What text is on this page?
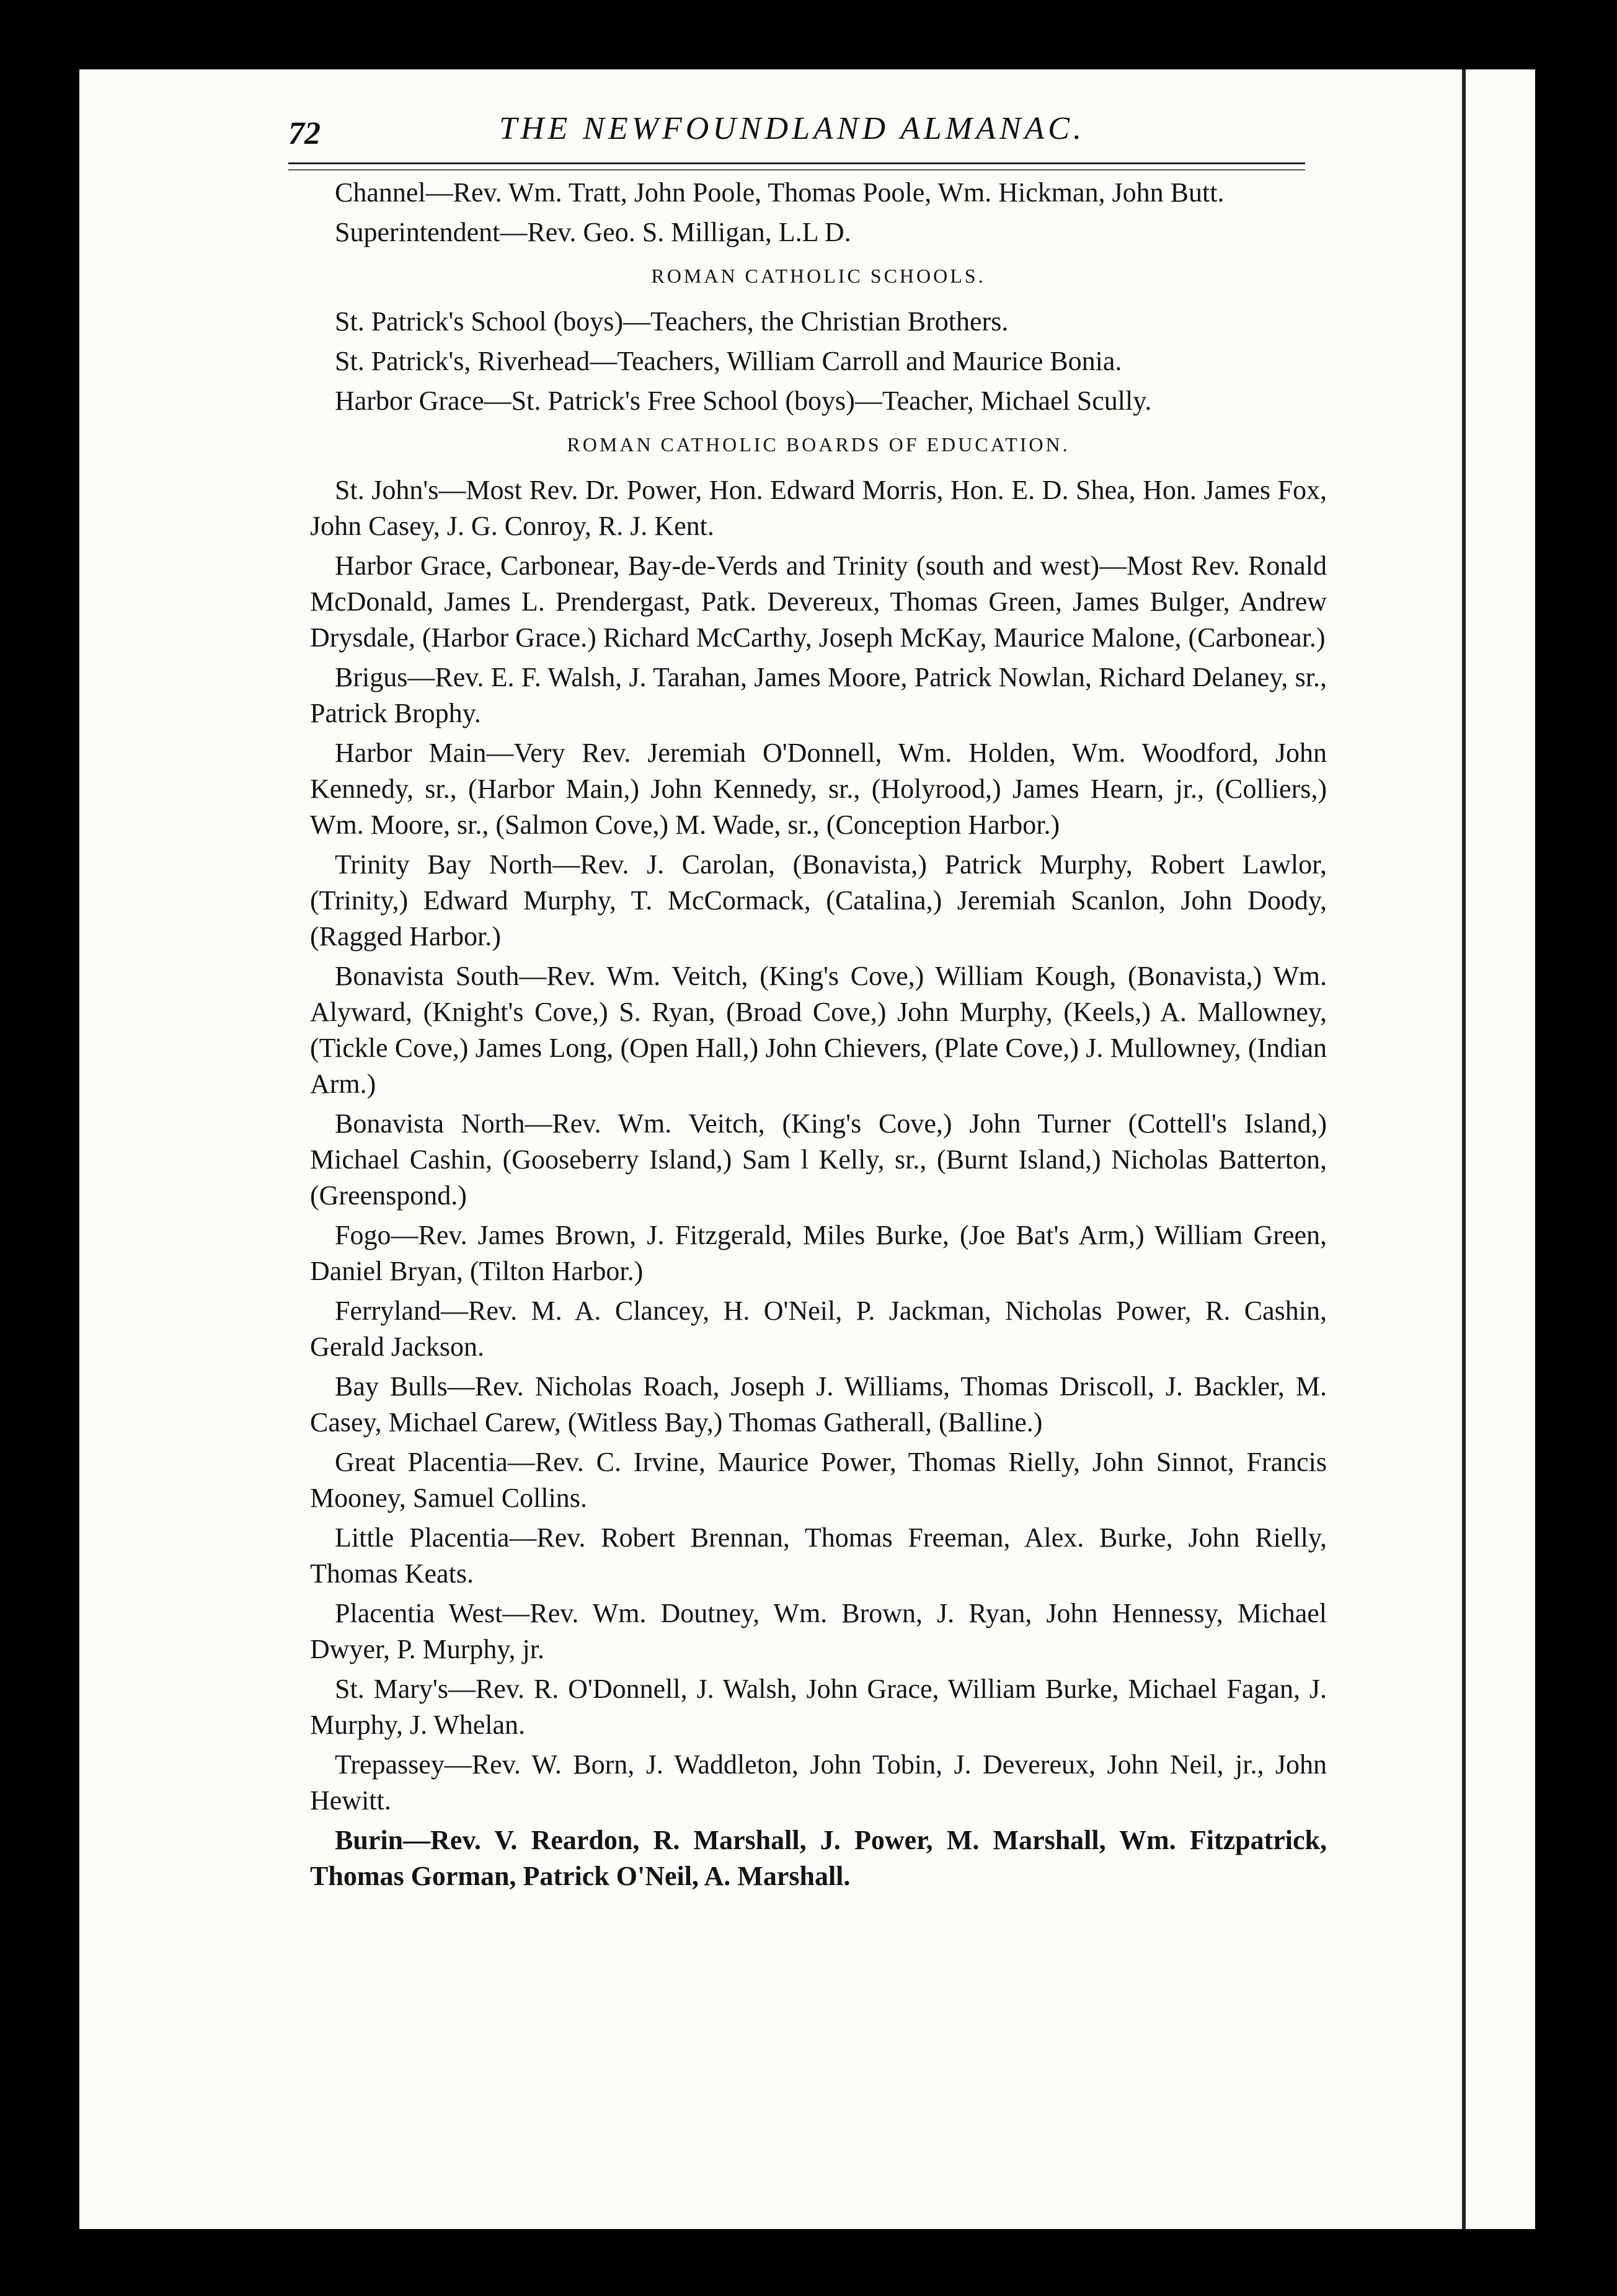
72	THE NEWFOUNDLAND ALMANAC.

Channel—Rev. Wm. Tratt, John Poole, Thomas Poole, Wm. Hickman, John Butt.

Superintendent—Rev. Geo. S. Milligan, L.L D.

ROMAN CATHOLIC SCHOOLS.

St. Patrick's School (boys)—Teachers, the Christian Brothers.

St. Patrick's, Riverhead—Teachers, William Carroll and Maurice Bonia.

Harbor Grace—St. Patrick's Free School (boys)—Teacher, Michael Scully.

ROMAN CATHOLIC BOARDS OF EDUCATION.

St. John's—Most Rev. Dr. Power, Hon. Edward Morris, Hon. E. D. Shea, Hon. James Fox, John Casey, J. G. Conroy, R. J. Kent.

Harbor Grace, Carbonear, Bay-de-Verds and Trinity (south and west)—Most Rev. Ronald McDonald, James L. Prendergast, Patk. Devereux, Thomas Green, James Bulger, Andrew Drysdale, (Harbor Grace.) Richard McCarthy, Joseph McKay, Maurice Malone, (Carbonear.)

Brigus—Rev. E. F. Walsh, J. Tarahan, James Moore, Patrick Nowlan, Richard Delaney, sr., Patrick Brophy.

Harbor Main—Very Rev. Jeremiah O'Donnell, Wm. Holden, Wm. Woodford, John Kennedy, sr., (Harbor Main,) John Kennedy, sr., (Holyrood,) James Hearn, jr., (Colliers,) Wm. Moore, sr., (Salmon Cove,) M. Wade, sr., (Conception Harbor.)

Trinity Bay North—Rev. J. Carolan, (Bonavista,) Patrick Murphy, Robert Lawlor, (Trinity,) Edward Murphy, T. McCormack, (Catalina,) Jeremiah Scanlon, John Doody, (Ragged Harbor.)

Bonavista South—Rev. Wm. Veitch, (King's Cove,) William Kough, (Bonavista,) Wm. Alyward, (Knight's Cove,) S. Ryan, (Broad Cove,) John Murphy, (Keels,) A. Mallowney, (Tickle Cove,) James Long, (Open Hall,) John Chievers, (Plate Cove,) J. Mullowney, (Indian Arm.)

Bonavista North—Rev. Wm. Veitch, (King's Cove,) John Turner (Cottell's Island,) Michael Cashin, (Gooseberry Island,) Sam l Kelly, sr., (Burnt Island,) Nicholas Batterton, (Greenspond.)

Fogo—Rev. James Brown, J. Fitzgerald, Miles Burke, (Joe Bat's Arm,) William Green, Daniel Bryan, (Tilton Harbor.)

Ferryland—Rev. M. A. Clancey, H. O'Neil, P. Jackman, Nicholas Power, R. Cashin, Gerald Jackson.

Bay Bulls—Rev. Nicholas Roach, Joseph J. Williams, Thomas Driscoll, J. Backler, M. Casey, Michael Carew, (Witless Bay,) Thomas Gatherall, (Balline.)

Great Placentia—Rev. C. Irvine, Maurice Power, Thomas Rielly, John Sinnot, Francis Mooney, Samuel Collins.

Little Placentia—Rev. Robert Brennan, Thomas Freeman, Alex. Burke, John Rielly, Thomas Keats.

Placentia West—Rev. Wm. Doutney, Wm. Brown, J. Ryan, John Hennessy, Michael Dwyer, P. Murphy, jr.

St. Mary's—Rev. R. O'Donnell, J. Walsh, John Grace, William Burke, Michael Fagan, J. Murphy, J. Whelan.

Trepassey—Rev. W. Born, J. Waddleton, John Tobin, J. Devereux, John Neil, jr., John Hewitt.

Burin—Rev. V. Reardon, R. Marshall, J. Power, M. Marshall, Wm. Fitzpatrick, Thomas Gorman, Patrick O'Neil, A. Marshall.
